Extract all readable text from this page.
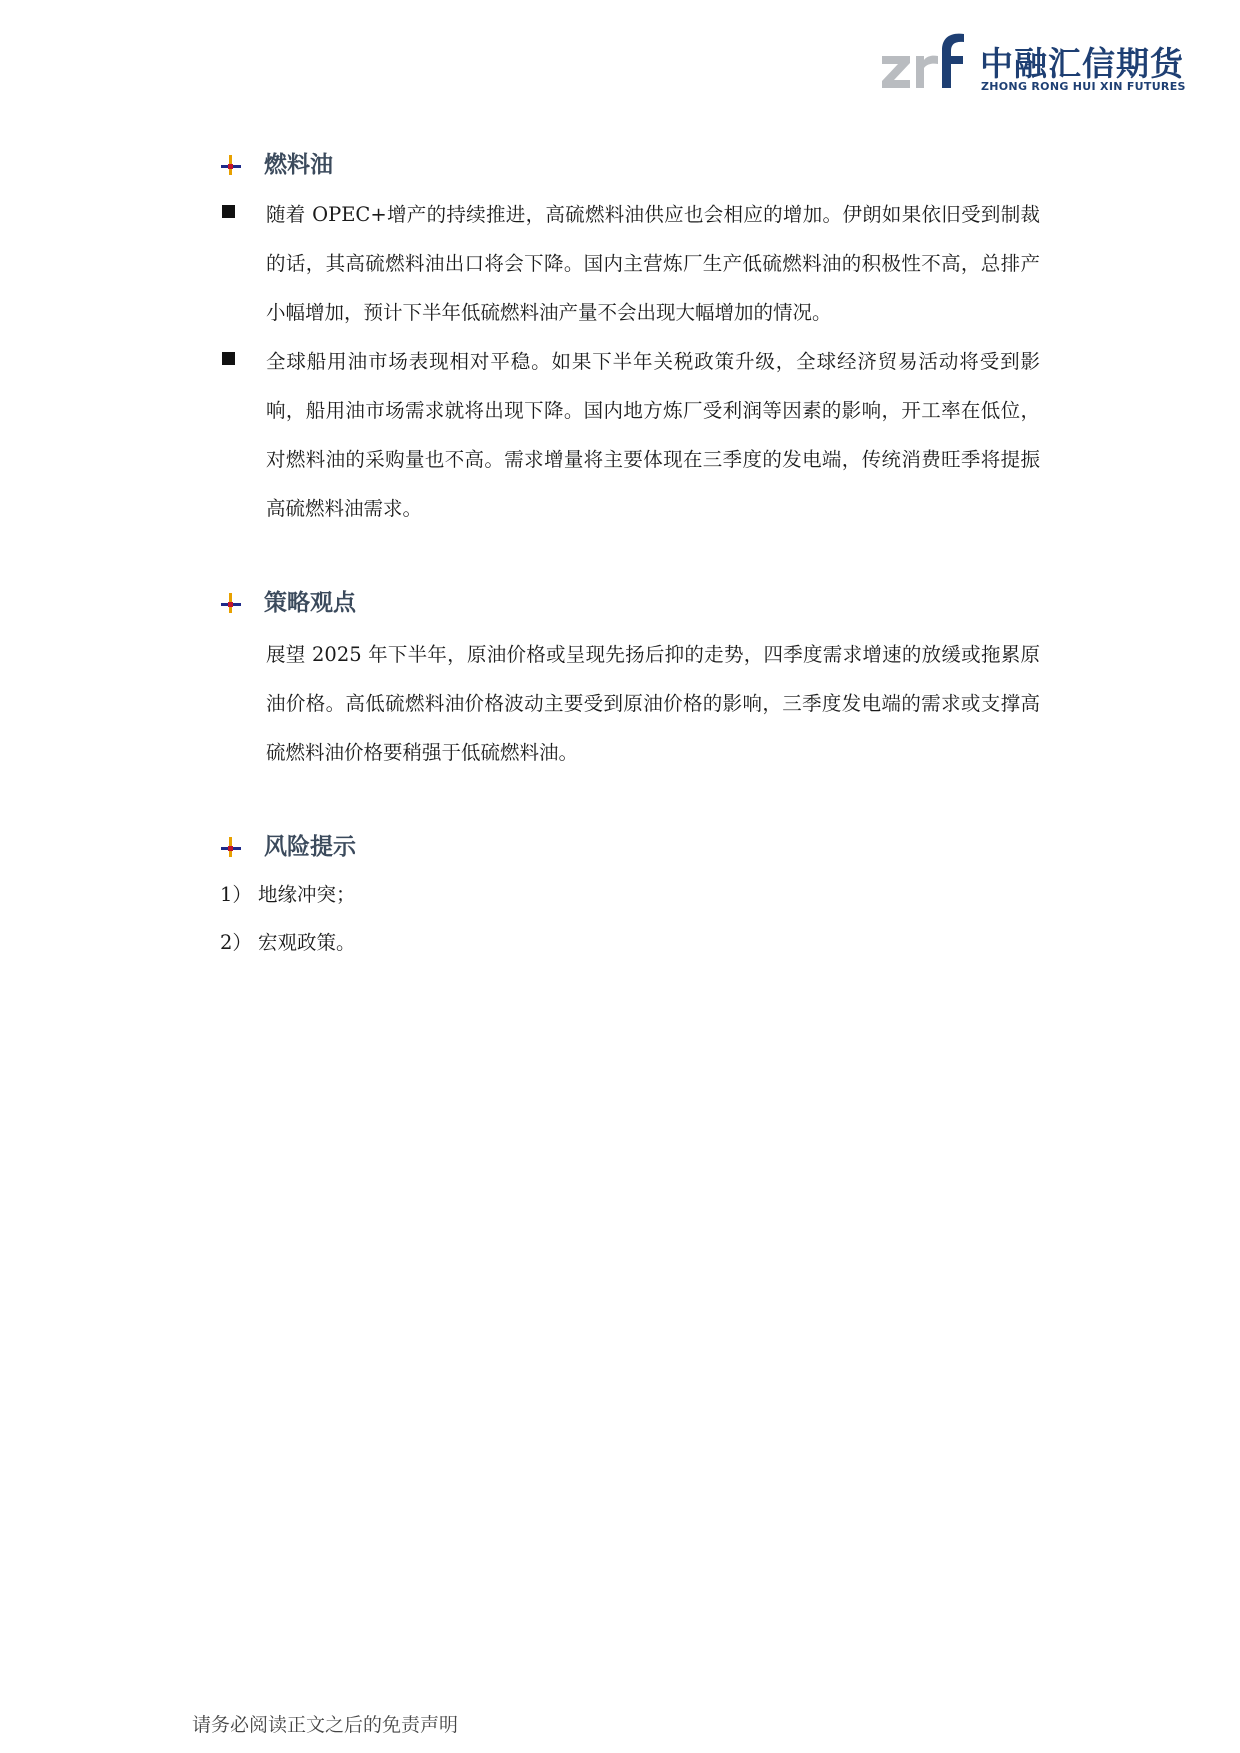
中融汇信期货
ZHONG RONG HUI XIN FUTURES
燃料油

随着 OPEC+增产的持续推进，高硫燃料油供应也会相应的增加。伊朗如果依旧受到制裁的话，其高硫燃料油出口将会下降。国内主营炼厂生产低硫燃料油的积极性不高，总排产小幅增加，预计下半年低硫燃料油产量不会出现大幅增加的情况。

全球船用油市场表现相对平稳。如果下半年关税政策升级，全球经济贸易活动将受到影响，船用油市场需求就将出现下降。国内地方炼厂受利润等因素的影响，开工率在低位，对燃料油的采购量也不高。需求增量将主要体现在三季度的发电端，传统消费旺季将提振高硫燃料油需求。

策略观点

展望 2025 年下半年，原油价格或呈现先扬后抑的走势，四季度需求增速的放缓或拖累原油价格。高低硫燃料油价格波动主要受到原油价格的影响，三季度发电端的需求或支撑高硫燃料油价格要稍强于低硫燃料油。

风险提示
1） 地缘冲突；
2） 宏观政策。
请务必阅读正文之后的免责声明
